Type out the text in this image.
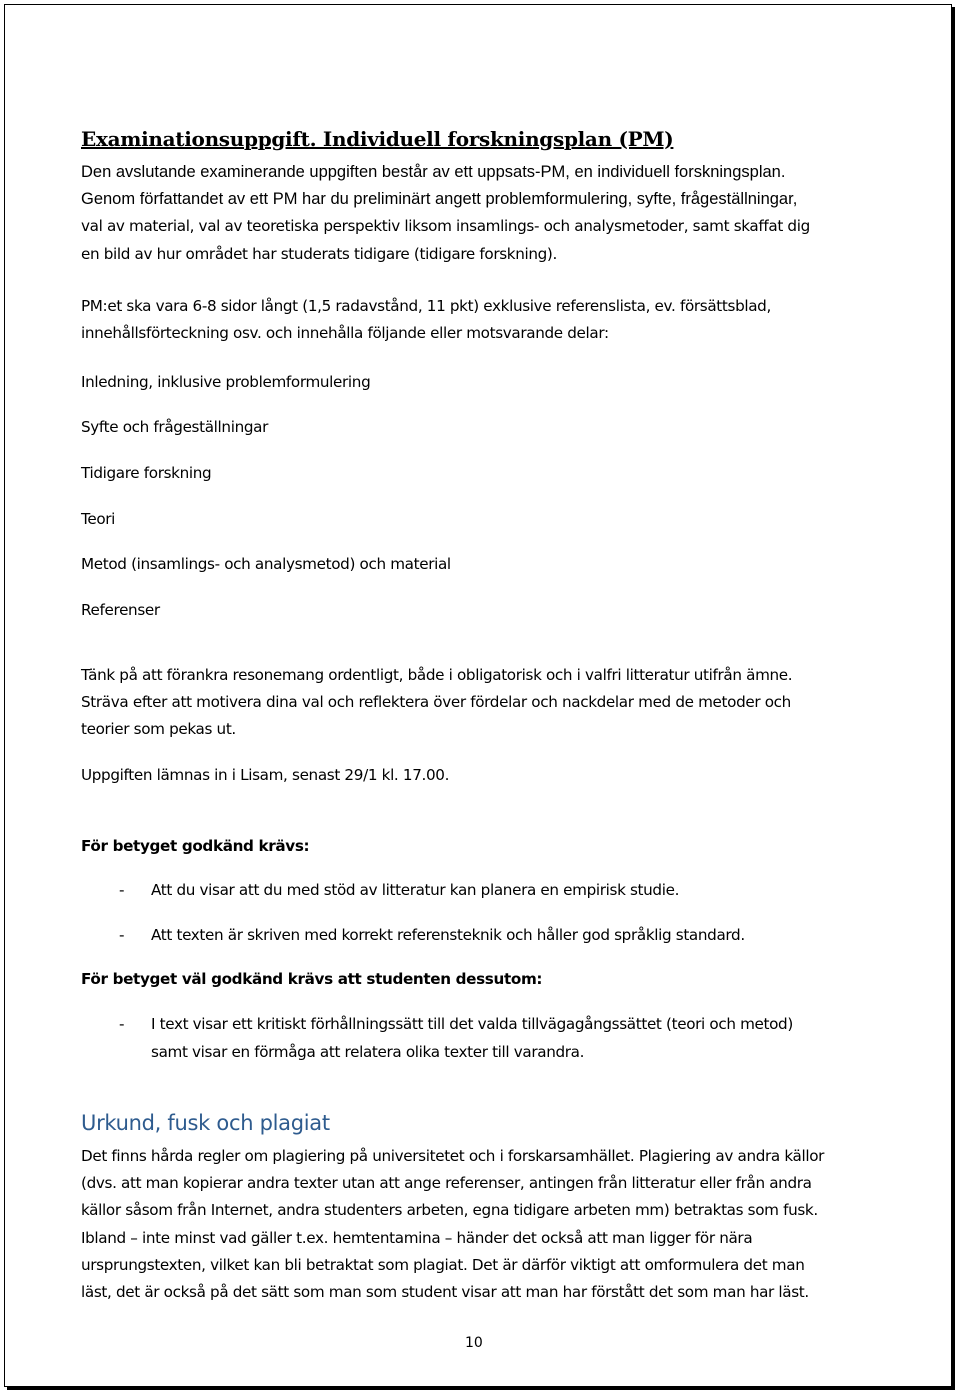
Examinationsuppgift. Individuell forskningsplan (PM)
Den avslutande examinerande uppgiften består av ett uppsats-PM, en individuell forskningsplan.
Genom författandet av ett PM har du preliminärt angett problemformulering, syfte, frågeställningar,
val av material, val av teoretiska perspektiv liksom insamlings- och analysmetoder, samt skaffat dig
en bild av hur området har studerats tidigare (tidigare forskning).
PM:et ska vara 6-8 sidor långt (1,5 radavstånd, 11 pkt) exklusive referenslista, ev. försättsblad,
innehållsförteckning osv. och innehålla följande eller motsvarande delar:
Inledning, inklusive problemformulering
Syfte och frågeställningar
Tidigare forskning
Teori
Metod (insamlings- och analysmetod) och material
Referenser
Tänk på att förankra resonemang ordentligt, både i obligatorisk och i valfri litteratur utifrån ämne.
Sträva efter att motivera dina val och reflektera över fördelar och nackdelar med de metoder och
teorier som pekas ut.
Uppgiften lämnas in i Lisam, senast 29/1 kl. 17.00.
För betyget godkänd krävs:
- Att du visar att du med stöd av litteratur kan planera en empirisk studie.
- Att texten är skriven med korrekt referensteknik och håller god språklig standard.
För betyget väl godkänd krävs att studenten dessutom:
- I text visar ett kritiskt förhållningssätt till det valda tillvägagångssättet (teori och metod)
samt visar en förmåga att relatera olika texter till varandra.
Urkund, fusk och plagiat
Det finns hårda regler om plagiering på universitetet och i forskarsamhället. Plagiering av andra källor
(dvs. att man kopierar andra texter utan att ange referenser, antingen från litteratur eller från andra
källor såsom från Internet, andra studenters arbeten, egna tidigare arbeten mm) betraktas som fusk.
Ibland – inte minst vad gäller t.ex. hemtentamina – händer det också att man ligger för nära
ursprungstexten, vilket kan bli betraktat som plagiat. Det är därför viktigt att omformulera det man
läst, det är också på det sätt som man som student visar att man har förstått det som man har läst.
10
